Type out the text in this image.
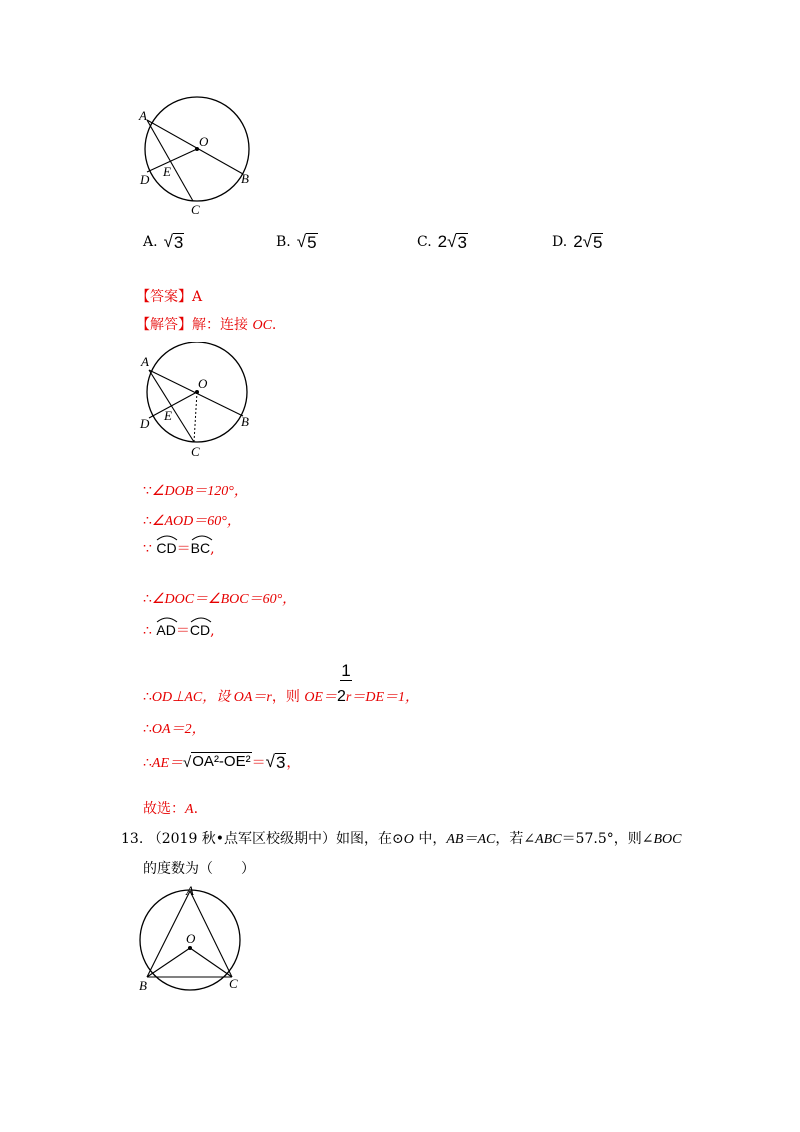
A
O
D
E	B
C
A. √ 3	B. √ 5	C. 2 √ 3	D. 2 √ 5
【答案】A
【解答】解：连接 OC.
A
O
D
E	B
C
∵∠DOB＝120°，
∴∠AOD＝60°，
∵ CD＝
BC,
∴∠DOC＝∠BOC＝60°，
∴ AD＝
CD,
1
∴OD⊥AC，设 OA＝r，则 OE＝2r＝DE＝1，
∴OA＝2，
∴AE＝√ OA²-OE² ＝√ 3 ，
故选：A.
13. （2019 秋•点军区校级期中）如图，在⊙O 中，AB＝AC，若∠ABC＝57.5°，则∠BOC
的度数为（　　）
A
O
B	C
